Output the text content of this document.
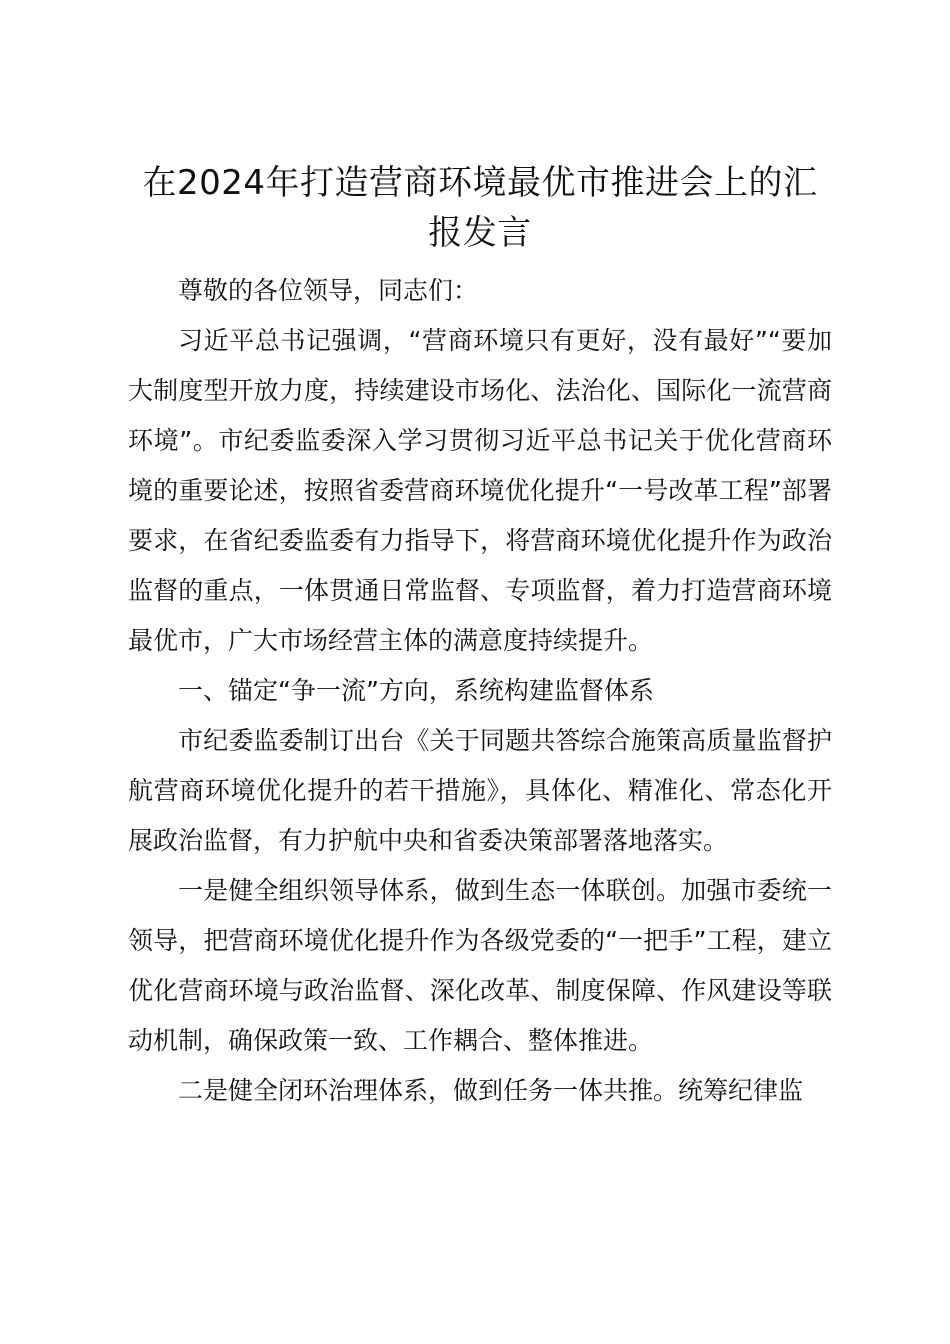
在2024年打造营商环境最优市推进会上的汇报发言

尊敬的各位领导，同志们：

习近平总书记强调，“营商环境只有更好，没有最好”“要加大制度型开放力度，持续建设市场化、法治化、国际化一流营商环境”。市纪委监委深入学习贯彻习近平总书记关于优化营商环境的重要论述，按照省委营商环境优化提升“一号改革工程”部署要求，在省纪委监委有力指导下，将营商环境优化提升作为政治监督的重点，一体贯通日常监督、专项监督，着力打造营商环境最优市，广大市场经营主体的满意度持续提升。

一、锚定“争一流”方向，系统构建监督体系

市纪委监委制订出台《关于同题共答综合施策高质量监督护航营商环境优化提升的若干措施》，具体化、精准化、常态化开展政治监督，有力护航中央和省委决策部署落地落实。

一是健全组织领导体系，做到生态一体联创。加强市委统一领导，把营商环境优化提升作为各级党委的“一把手”工程，建立优化营商环境与政治监督、深化改革、制度保障、作风建设等联动机制，确保政策一致、工作耦合、整体推进。

二是健全闭环治理体系，做到任务一体共推。统筹纪律监
